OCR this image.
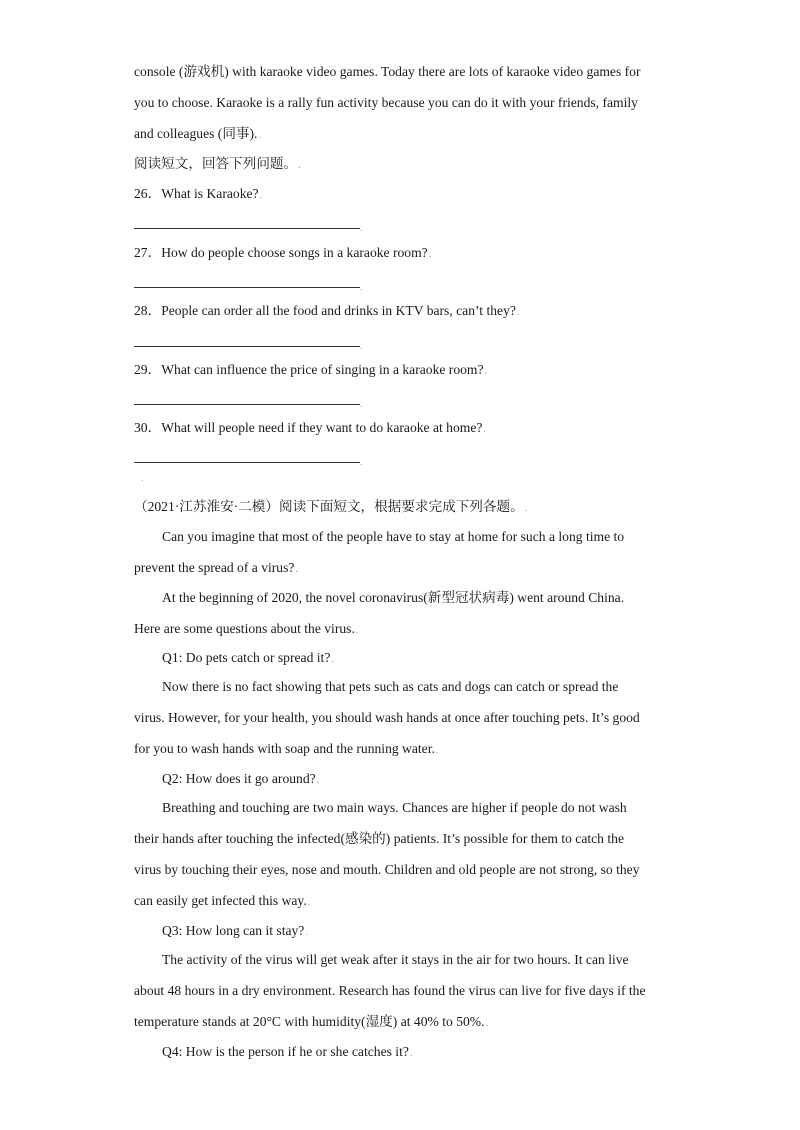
console (游戏机) with karaoke video games. Today there are lots of karaoke video games for
you to choose. Karaoke is a rally fun activity because you can do it with your friends, family
and colleagues (同事)..
阅读短文，回答下列问题。.
26．What is Karaoke?.
.
27．How do people choose songs in a karaoke room?.
.
28．People can order all the food and drinks in KTV bars, can’t they?.
.
29．What can influence the price of singing in a karaoke room?.
.
30．What will people need if they want to do karaoke at home?.
.
.
（2021·江苏淮安·二模）阅读下面短文，根据要求完成下列各题。.
Can you imagine that most of the people have to stay at home for such a long time to
prevent the spread of a virus?.
At the beginning of 2020, the novel coronavirus(新型冠状病毒) went around China.
Here are some questions about the virus..
Q1: Do pets catch or spread it?.
Now there is no fact showing that pets such as cats and dogs can catch or spread the
virus. However, for your health, you should wash hands at once after touching pets. It’s good
for you to wash hands with soap and the running water..
Q2: How does it go around?.
Breathing and touching are two main ways. Chances are higher if people do not wash
their hands after touching the infected(感染的) patients. It’s possible for them to catch the
virus by touching their eyes, nose and mouth. Children and old people are not strong, so they
can easily get infected this way..
Q3: How long can it stay?.
The activity of the virus will get weak after it stays in the air for two hours. It can live
about 48 hours in a dry environment. Research has found the virus can live for five days if the
temperature stands at 20°C with humidity(湿度) at 40% to 50%..
Q4: How is the person if he or she catches it?.
